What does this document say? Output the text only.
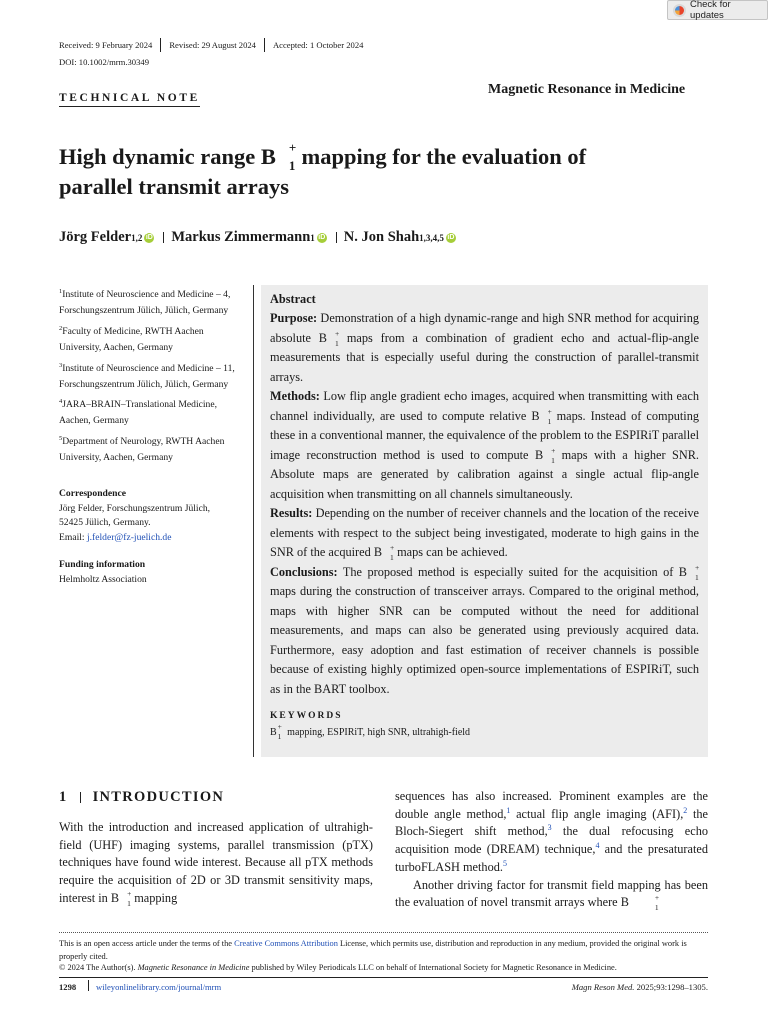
Check for updates
Received: 9 February 2024 Revised: 29 August 2024 Accepted: 1 October 2024
DOI: 10.1002/mrm.30349
TECHNICAL NOTE
Magnetic Resonance in Medicine
High dynamic range B +
1 mapping for the evaluation of
parallel transmit arrays
Jörg Felder 1,2 iD Markus Zimmermann 1 iD N. Jon Shah 1,3,4,5 iD

$^1$Institute of Neuroscience and Medicine – 4, Forschungszentrum Jülich, Jülich, Germany

$^2$Faculty of Medicine, RWTH Aachen University, Aachen, Germany

$^3$Institute of Neuroscience and Medicine – 11, Forschungszentrum Jülich, Jülich, Germany

$^4$JARA–BRAIN–Translational Medicine, Aachen, Germany

$^5$Department of Neurology, RWTH Aachen University, Aachen, Germany

Correspondence
Jörg Felder, Forschungszentrum Jülich,
52425 Jülich, Germany.
Email: j.felder@fz-juelich.de
Funding information
Helmholtz Association
Abstract
Purpose: Demonstration of a high dynamic-range and high SNR method for acquiring absolute B +
1 maps from a combination of gradient echo and actual-flip-angle measurements that is especially useful during the construction of parallel-transmit arrays.
Methods: Low flip angle gradient echo images, acquired when transmitting with each channel individually, are used to compute relative B +
1 maps. Instead of computing these in a conventional manner, the equivalence of the problem to the ESPIRiT parallel image reconstruction method is used to compute B +
1 maps with a higher SNR. Absolute maps are generated by calibration against a single actual flip-angle acquisition when transmitting on all channels simultaneously.
Results: Depending on the number of receiver channels and the location of the receive elements with respect to the subject being investigated, moderate to high gains in the SNR of the acquired B +
1 maps can be achieved.
Conclusions: The proposed method is especially suited for the acquisition of B +
1
maps during the construction of transceiver arrays. Compared to the original method, maps with higher SNR can be computed without the need for additional measurements, and maps can also be generated using previously acquired data. Furthermore, easy adoption and fast estimation of receiver channels is possible because of existing highly optimized open-source implementations of ESPIRiT, such as in the BART toolbox.
KEYWORDS
B
+
1 mapping, ESPIRiT, high SNR, ultrahigh-field
1 INTRODUCTION
With the introduction and increased application of ultrahigh-field (UHF) imaging systems, parallel transmission (pTX) techniques have found wide interest. Because all pTX methods require the acquisition of 2D or 3D transmit sensitivity maps, interest in B +
1 mapping
sequences has also increased. Prominent examples are the double angle method,$^1$ actual flip angle imaging (AFI),$^2$ the Bloch-Siegert shift method,$^3$ the dual refocusing echo acquisition mode (DREAM) technique,$^4$ and the presaturated turboFLASH method.$^5$
Another driving factor for transmit field mapping has been the evaluation of novel transmit arrays where B	+
1
This is an open access article under the terms of the Creative Commons Attribution License, which permits use, distribution and reproduction in any medium, provided the original work is properly cited.
© 2024 The Author(s). Magnetic Resonance in Medicine published by Wiley Periodicals LLC on behalf of International Society for Magnetic Resonance in Medicine.
1298 wileyonlinelibrary.com/journal/mrm	Magn Reson Med. 2025;93:1298–1305.
